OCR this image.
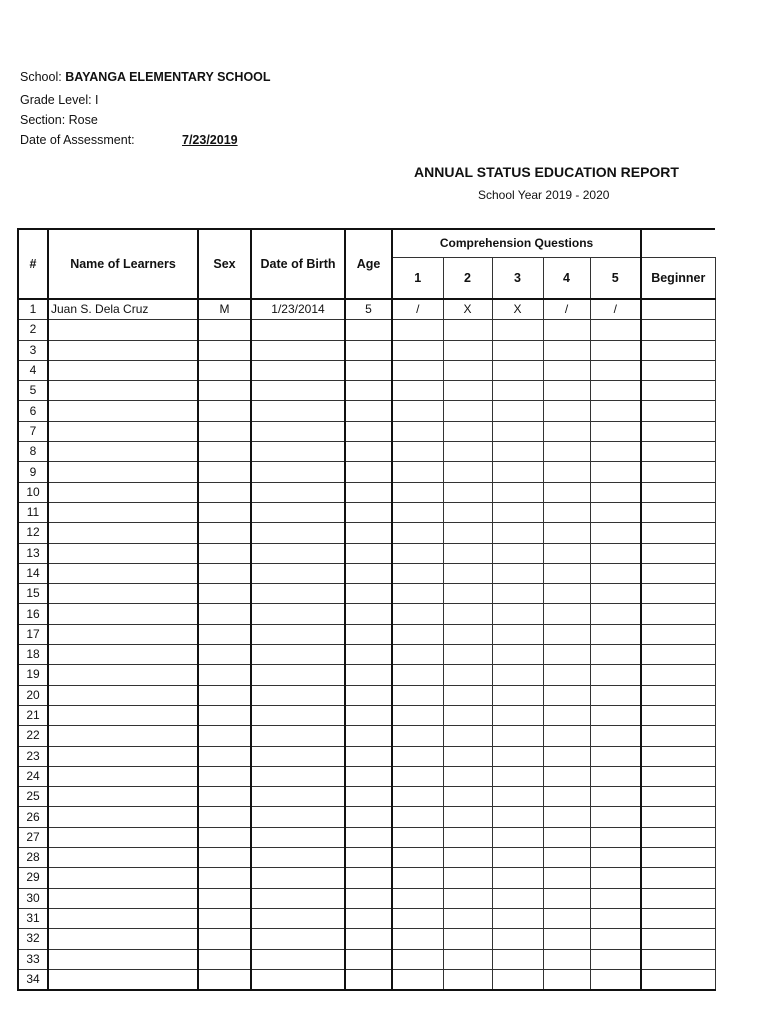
School: BAYANGA ELEMENTARY SCHOOL
Grade Level: I
Section: Rose
Date of Assessment:	7/23/2019
ANNUAL STATUS EDUCATION REPORT
School Year 2019 - 2020
#	Name of Learners	Sex	Date of Birth	Age	Comprehension Questions					
					1	2	3	4	5	Beginner
1	Juan S. Dela Cruz	M	1/23/2014	5	/	X	X	/	/	
2										
3										
4										
5										
6										
7										
8										
9										
10										
11										
12										
13										
14										
15										
16										
17										
18										
19										
20										
21										
22										
23										
24										
25										
26										
27										
28										
29										
30										
31										
32										
33										
34										
